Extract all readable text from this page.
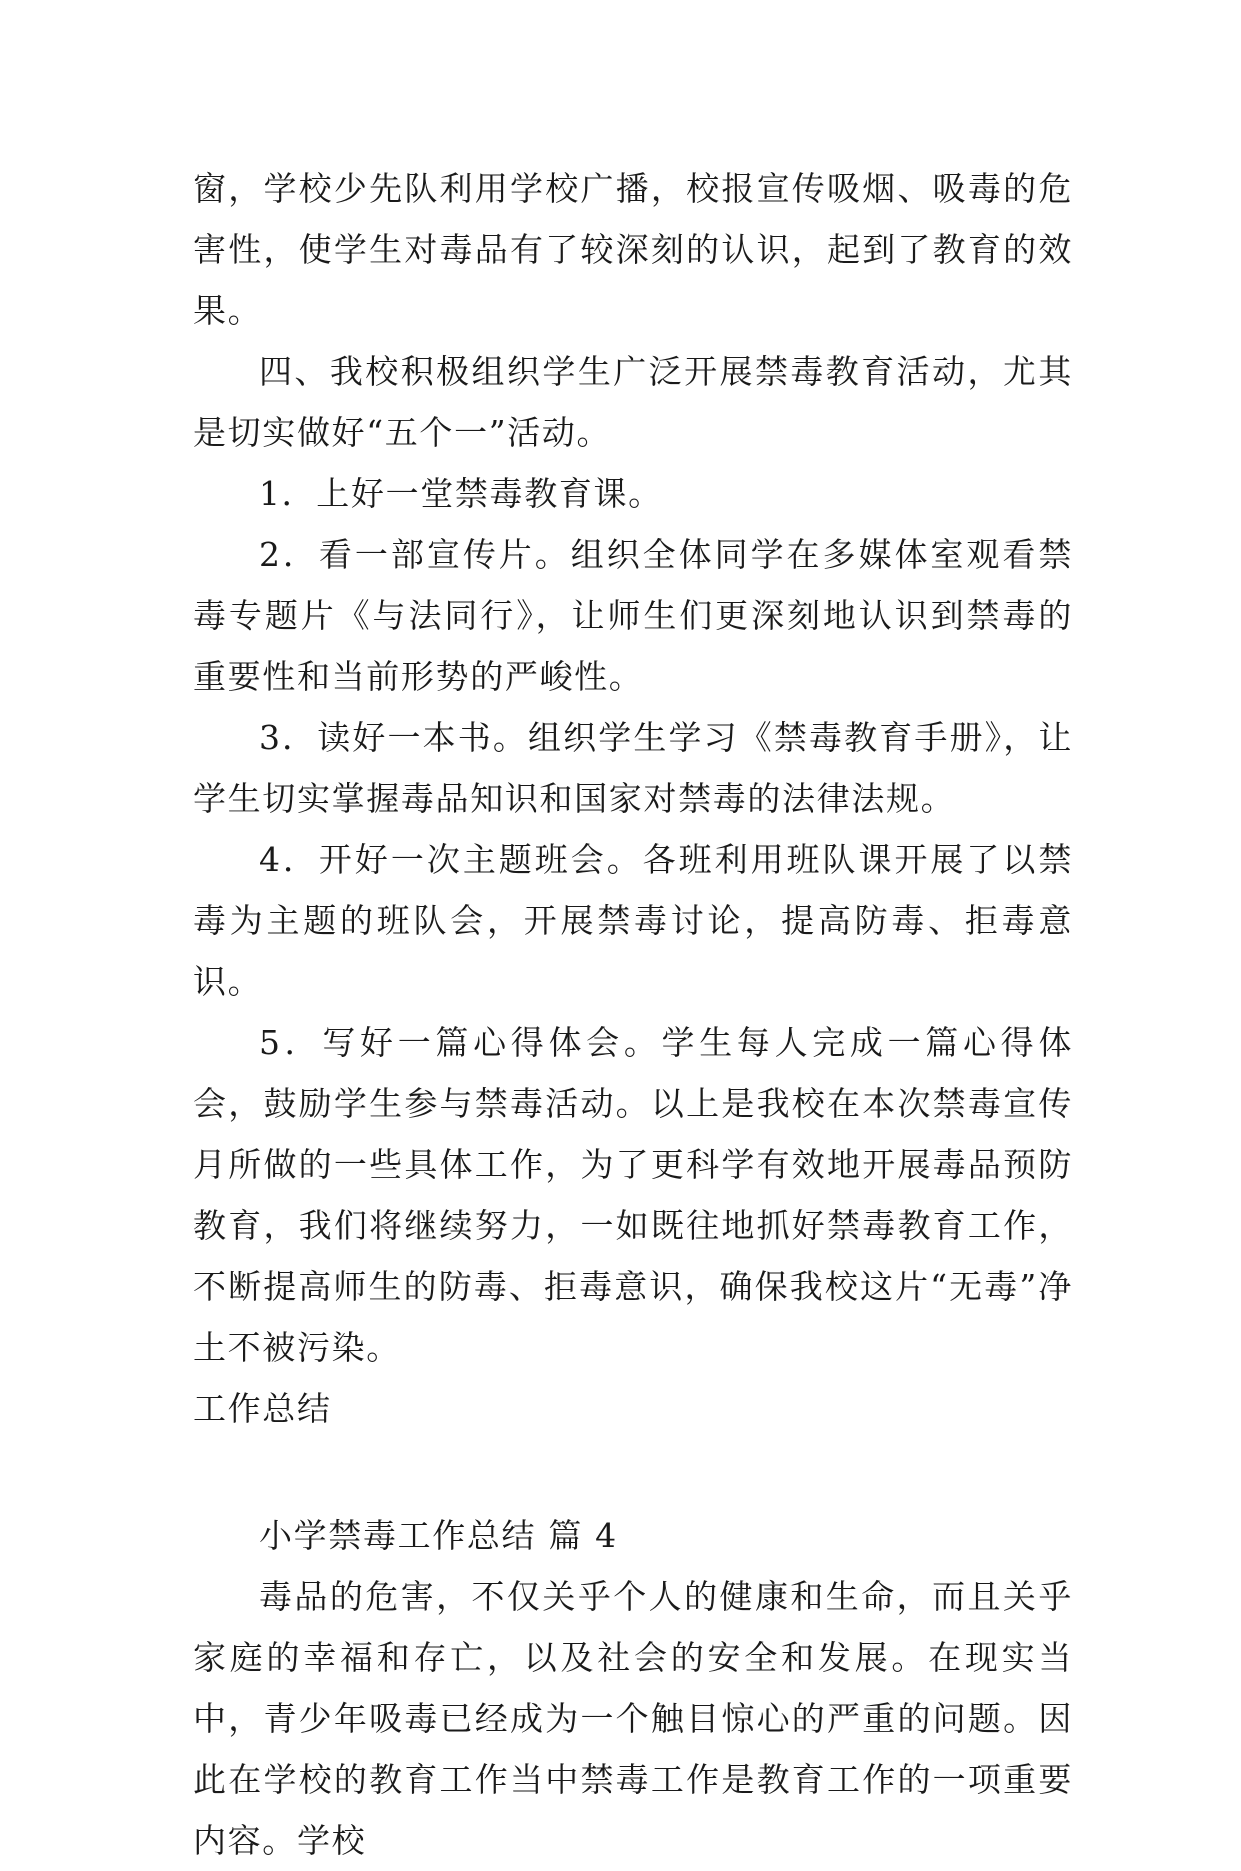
窗，学校少先队利用学校广播，校报宣传吸烟、吸毒的危害性，使学生对毒品有了较深刻的认识，起到了教育的效果。

四、我校积极组织学生广泛开展禁毒教育活动，尤其是切实做好“五个一”活动。

1．上好一堂禁毒教育课。

2．看一部宣传片。组织全体同学在多媒体室观看禁毒专题片《与法同行》，让师生们更深刻地认识到禁毒的重要性和当前形势的严峻性。

3．读好一本书。组织学生学习《禁毒教育手册》，让学生切实掌握毒品知识和国家对禁毒的法律法规。

4．开好一次主题班会。各班利用班队课开展了以禁毒为主题的班队会，开展禁毒讨论，提高防毒、拒毒意识。

5．写好一篇心得体会。学生每人完成一篇心得体会，鼓励学生参与禁毒活动。以上是我校在本次禁毒宣传月所做的一些具体工作，为了更科学有效地开展毒品预防教育，我们将继续努力，一如既往地抓好禁毒教育工作，不断提高师生的防毒、拒毒意识，确保我校这片“无毒”净土不被污染。

工作总结

小学禁毒工作总结 篇 4

毒品的危害，不仅关乎个人的健康和生命，而且关乎家庭的幸福和存亡，以及社会的安全和发展。在现实当中，青少年吸毒已经成为一个触目惊心的严重的问题。因此在学校的教育工作当中禁毒工作是教育工作的一项重要内容。学校
